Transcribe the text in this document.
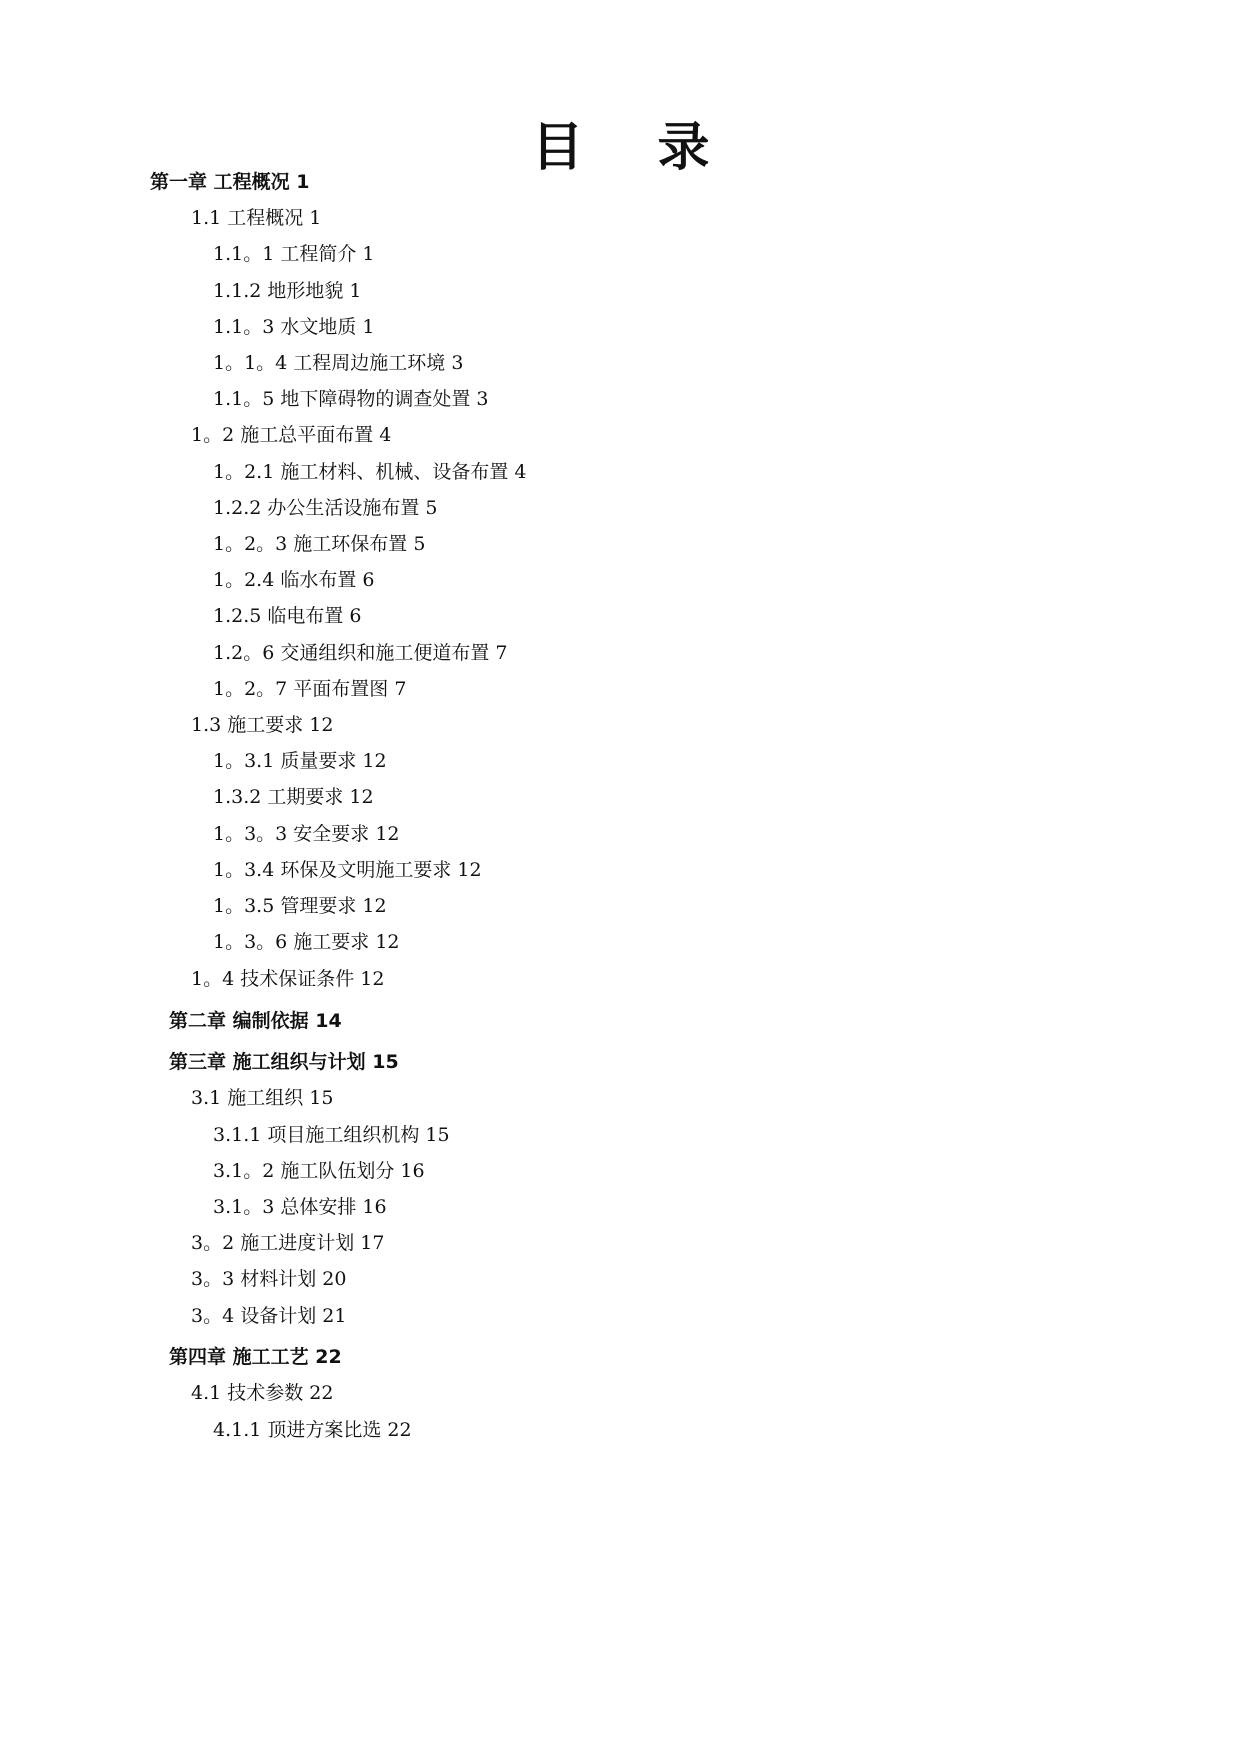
目 录
第一章 工程概况 1
1.1 工程概况 1
1.1。1 工程简介 1
1.1.2 地形地貌 1
1.1。3 水文地质 1
1。1。4 工程周边施工环境 3
1.1。5 地下障碍物的调查处置 3
1。2 施工总平面布置 4
1。2.1 施工材料、机械、设备布置 4
1.2.2 办公生活设施布置 5
1。2。3 施工环保布置 5
1。2.4 临水布置 6
1.2.5 临电布置 6
1.2。6 交通组织和施工便道布置 7
1。2。7 平面布置图 7
1.3 施工要求 12
1。3.1 质量要求 12
1.3.2 工期要求 12
1。3。3 安全要求 12
1。3.4 环保及文明施工要求 12
1。3.5 管理要求 12
1。3。6 施工要求 12
1。4 技术保证条件 12
第二章 编制依据 14
第三章 施工组织与计划 15
3.1 施工组织 15
3.1.1 项目施工组织机构 15
3.1。2 施工队伍划分 16
3.1。3 总体安排 16
3。2 施工进度计划 17
3。3 材料计划 20
3。4 设备计划 21
第四章 施工工艺 22
4.1 技术参数 22
4.1.1 顶进方案比选 22
